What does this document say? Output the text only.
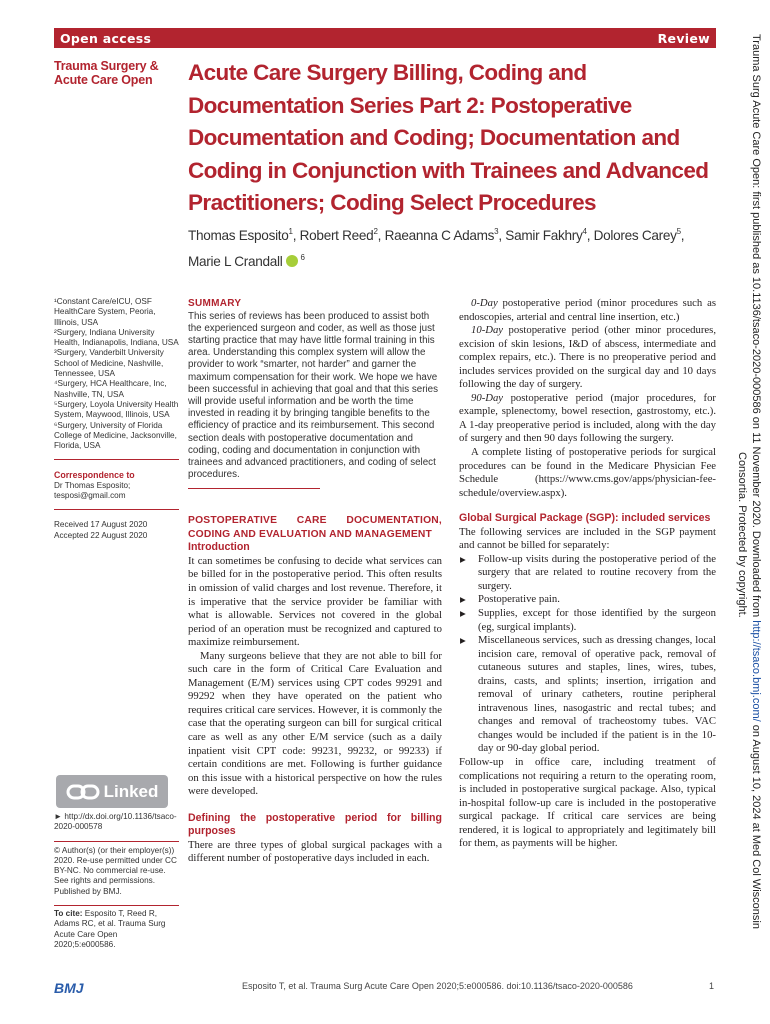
Open access	Review
Trauma Surgery & Acute Care Open	Acute Care Surgery Billing, Coding and Documentation Series Part 2: Postoperative Documentation and Coding; Documentation and Coding in Conjunction with Trainees and Advanced Practitioners; Coding Select Procedures
Thomas Esposito$^1$, Robert Reed$^2$, Raeanna C Adams$^3$, Samir Fakhry$^4$, Dolores Carey$^5$, Marie L Crandall $^6$	Trauma Surg Acute Care Open: first published as 10.1136/tsaco-2020-000586 on 11 November 2020. Downloaded from http://tsaco.bmj.com/ on August 10, 2024 at Med Col Wisconsin
Consortia. Protected by copyright.

¹Constant Care/eICU, OSF HealthCare System, Peoria, Illinois, USA

²Surgery, Indiana University Health, Indianapolis, Indiana, USA

³Surgery, Vanderbilt University School of Medicine, Nashville, Tennessee, USA

⁴Surgery, HCA Healthcare, Inc, Nashville, TN, USA

⁵Surgery, Loyola University Health System, Maywood, Illinois, USA

⁶Surgery, University of Florida College of Medicine, Jacksonville, Florida, USA

Correspondence to

Dr Thomas Esposito; tesposi@gmail.com

Received 17 August 2020

Accepted 22 August 2020

Linked

► http://dx.doi.org/10.1136/tsaco-2020-000578

© Author(s) (or their employer(s)) 2020. Re-use permitted under CC BY-NC. No commercial re-use. See rights and permissions. Published by BMJ.

To cite: Esposito T, Reed R, Adams RC, et al. Trauma Surg Acute Care Open 2020;5:e000586.

SUMMARY

This series of reviews has been produced to assist both the experienced surgeon and coder, as well as those just starting practice that may have little formal training in this area. Understanding this complex system will allow the provider to work “smarter, not harder” and garner the maximum compensation for their work. We hope we have been successful in achieving that goal and that this series will provide useful information and be worth the time invested in reading it by bringing tangible benefits to the efficiency of practice and its reimbursement. This second section deals with postoperative documentation and coding, coding and documentation in conjunction with trainees and advanced practitioners, and coding of select procedures.

POSTOPERATIVE CARE DOCUMENTATION, CODING AND EVALUATION AND MANAGEMENT

Introduction

It can sometimes be confusing to decide what services can be billed for in the postoperative period. This often results in omission of valid charges and lost revenue. Therefore, it is imperative that the service provider be familiar with what is allowable. Services not covered in the global period of an operation must be recognized and captured to maximize reimbursement.

Many surgeons believe that they are not able to bill for such care in the form of Critical Care Evaluation and Management (E/M) services using CPT codes 99291 and 99292 when they have operated on the patient who requires critical care services. However, it is commonly the case that the operating surgeon can bill for surgical critical care as well as any other E/M service (such as a daily inpatient visit CPT code: 99231, 99232, or 99233) if certain conditions are met. Following is further guidance on this issue with a historical perspective on how the rules were developed.

Defining the postoperative period for billing purposes

There are three types of global surgical packages with a different number of postoperative days included in each.

0-Day postoperative period (minor procedures such as endoscopies, arterial and central line insertion, etc.)

10-Day postoperative period (other minor procedures, excision of skin lesions, I&D of abscess, intermediate and complex repairs, etc.). There is no preoperative period and includes services provided on the surgical day and 10 days following the day of surgery.

90-Day postoperative period (major procedures, for example, splenectomy, bowel resection, gastrostomy, etc.). A 1-day preoperative period is included, along with the day of surgery and then 90 days following the surgery.

A complete listing of postoperative periods for surgical procedures can be found in the Medicare Physician Fee Schedule (https://www.cms.gov/apps/physician-fee-schedule/overview.aspx).

Global Surgical Package (SGP): included services

The following services are included in the SGP payment and cannot be billed for separately:

▶ Follow-up visits during the postoperative period of the surgery that are related to routine recovery from the surgery.
▶ Postoperative pain.
▶ Supplies, except for those identified by the surgeon (eg, surgical implants).
▶ Miscellaneous services, such as dressing changes, local incision care, removal of operative pack, removal of cutaneous sutures and staples, lines, wires, tubes, drains, casts, and splints; insertion, irrigation and removal of urinary catheters, routine peripheral intravenous lines, nasogastric and rectal tubes; and changes and removal of tracheostomy tubes. VAC changes would be included if the patient is in the 10-day or 90-day global period.

Follow-up in office care, including treatment of complications not requiring a return to the operating room, is included in postoperative surgical package. Also, typical in-hospital follow-up care is included in the postoperative surgical package. If critical care services are being rendered, it is logical to appropriately and legitimately bill for them, as payments will be higher.

BMJ	Esposito T, et al. Trauma Surg Acute Care Open 2020;5:e000586. doi:10.1136/tsaco-2020-000586	1
